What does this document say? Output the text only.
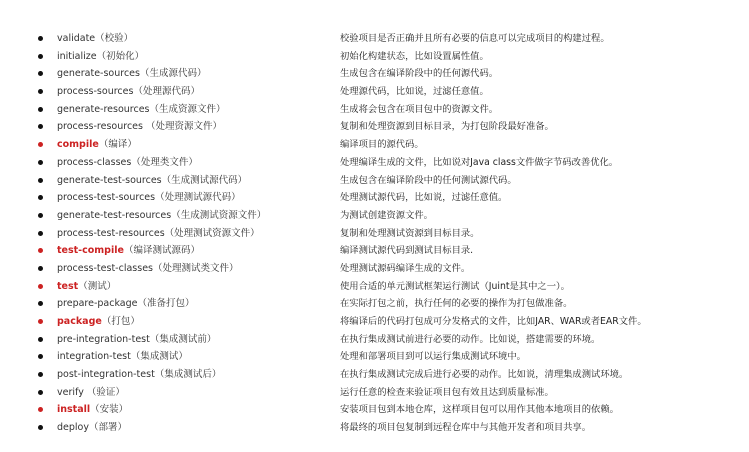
validate（校验）	校验项目是否正确并且所有必要的信息可以完成项目的构建过程。
initialize（初始化）	初始化构建状态，比如设置属性值。
generate-sources（生成源代码）	生成包含在编译阶段中的任何源代码。
process-sources（处理源代码）	处理源代码，比如说，过滤任意值。
generate-resources（生成资源文件）	生成将会包含在项目包中的资源文件。
process-resources （处理资源文件）	复制和处理资源到目标目录，为打包阶段最好准备。
compile（编译）	编译项目的源代码。
process-classes（处理类文件）	处理编译生成的文件，比如说对Java class文件做字节码改善优化。
generate-test-sources（生成测试源代码）	生成包含在编译阶段中的任何测试源代码。
process-test-sources（处理测试源代码）	处理测试源代码，比如说，过滤任意值。
generate-test-resources（生成测试资源文件）	为测试创建资源文件。
process-test-resources（处理测试资源文件）	复制和处理测试资源到目标目录。
test-compile（编译测试源码）	编译测试源代码到测试目标目录.
process-test-classes（处理测试类文件）	处理测试源码编译生成的文件。
test（测试）	使用合适的单元测试框架运行测试（Juint是其中之一）。
prepare-package（准备打包）	在实际打包之前，执行任何的必要的操作为打包做准备。
package（打包）	将编译后的代码打包成可分发格式的文件，比如JAR、WAR或者EAR文件。
pre-integration-test（集成测试前）	在执行集成测试前进行必要的动作。比如说，搭建需要的环境。
integration-test（集成测试）	处理和部署项目到可以运行集成测试环境中。
post-integration-test（集成测试后）	在执行集成测试完成后进行必要的动作。比如说，清理集成测试环境。
verify （验证）	运行任意的检查来验证项目包有效且达到质量标准。
install（安装）	安装项目包到本地仓库，这样项目包可以用作其他本地项目的依赖。
deploy（部署）	将最终的项目包复制到远程仓库中与其他开发者和项目共享。
